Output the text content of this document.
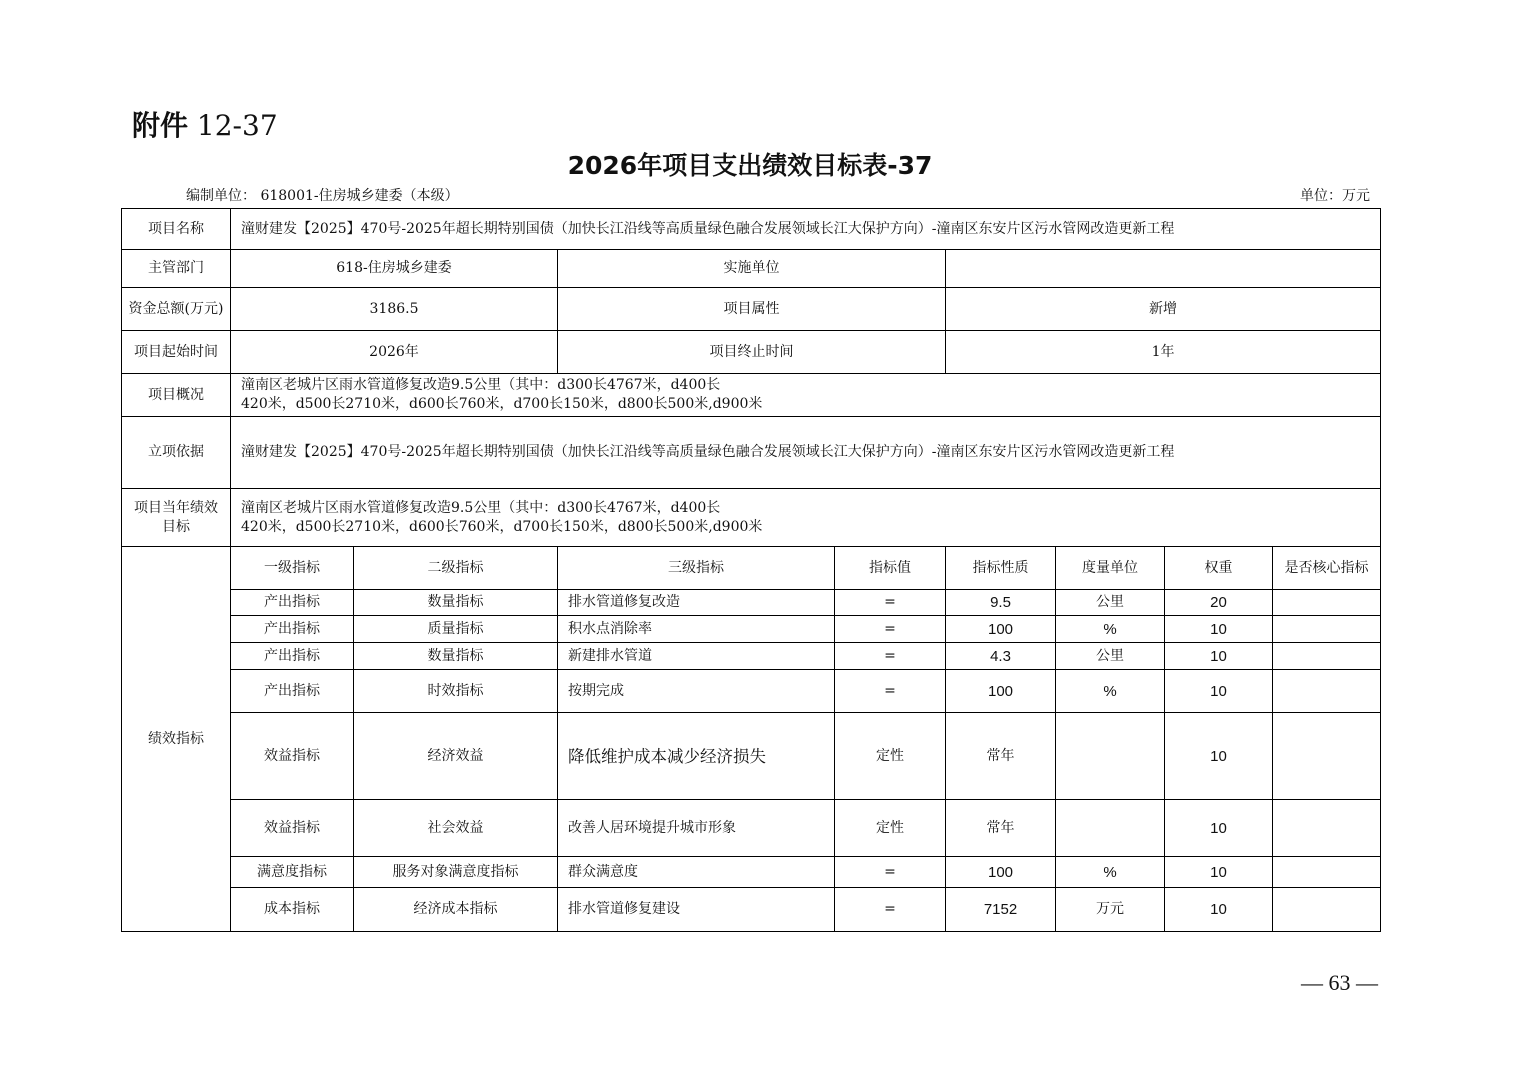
附件 12-37
2026年项目支出绩效目标表-37
编制单位： 618001-住房城乡建委（本级）	单位：万元
项目名称	潼财建发【2025】470号-2025年超长期特别国债（加快长江沿线等高质量绿色融合发展领域长江大保护方向）-潼南区东安片区污水管网改造更新工程							
主管部门	618-住房城乡建委		实施单位					
资金总额(万元)	3186.5		项目属性		新增			
项目起始时间	2026年		项目终止时间		1年			
项目概况	潼南区老城片区雨水管道修复改造9.5公里（其中：d300长4767米，d400长
420米，d500长2710米，d600长760米，d700长150米，d800长500米,d900米							

立项依据	潼财建发【2025】470号-2025年超长期特别国债（加快长江沿线等高质量绿色融合发展领域长江大保护方向）-潼南区东安片区污水管网改造更新工程							
项目当年绩效目标	潼南区老城片区雨水管道修复改造9.5公里（其中：d300长4767米，d400长
420米，d500长2710米，d600长760米，d700长150米，d800长500米,d900米							

绩效指标	一级指标	二级指标	三级指标	指标值	指标性质	度量单位	权重	是否核心指标
	产出指标	数量指标	排水管道修复改造	=	9.5	公里	20	
	产出指标	质量指标	积水点消除率	=	100	%	10	
	产出指标	数量指标	新建排水管道	=	4.3	公里	10	
	产出指标	时效指标	按期完成	=	100	%	10	
	效益指标	经济效益	降低维护成本减少经济损失	定性	常年		10	
	效益指标	社会效益	改善人居环境提升城市形象	定性	常年		10	
	满意度指标	服务对象满意度指标	群众满意度	=	100	%	10	
	成本指标	经济成本指标	排水管道修复建设	=	7152	万元	10	
— 63 —
